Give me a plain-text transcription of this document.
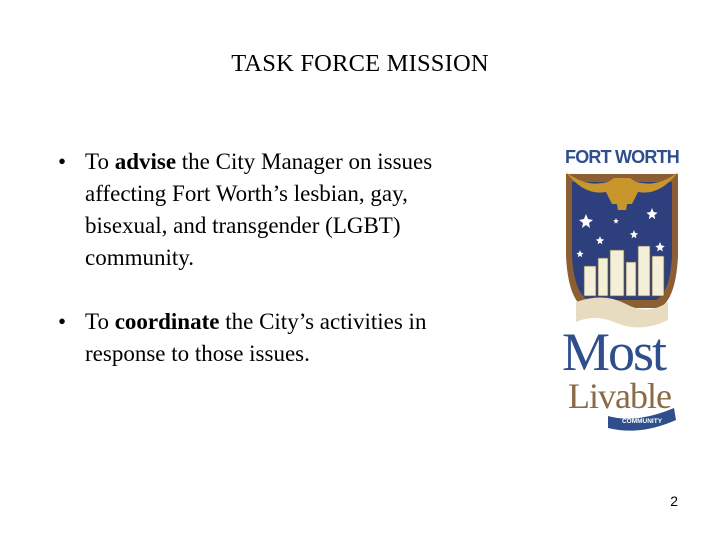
TASK FORCE MISSION
• To advise the City Manager on issues affecting Fort Worth’s lesbian, gay, bisexual, and transgender (LGBT) community.
• To coordinate the City’s activities in response to those issues.
FORT WORTH
Most
Livable
COMMUNITY
2
